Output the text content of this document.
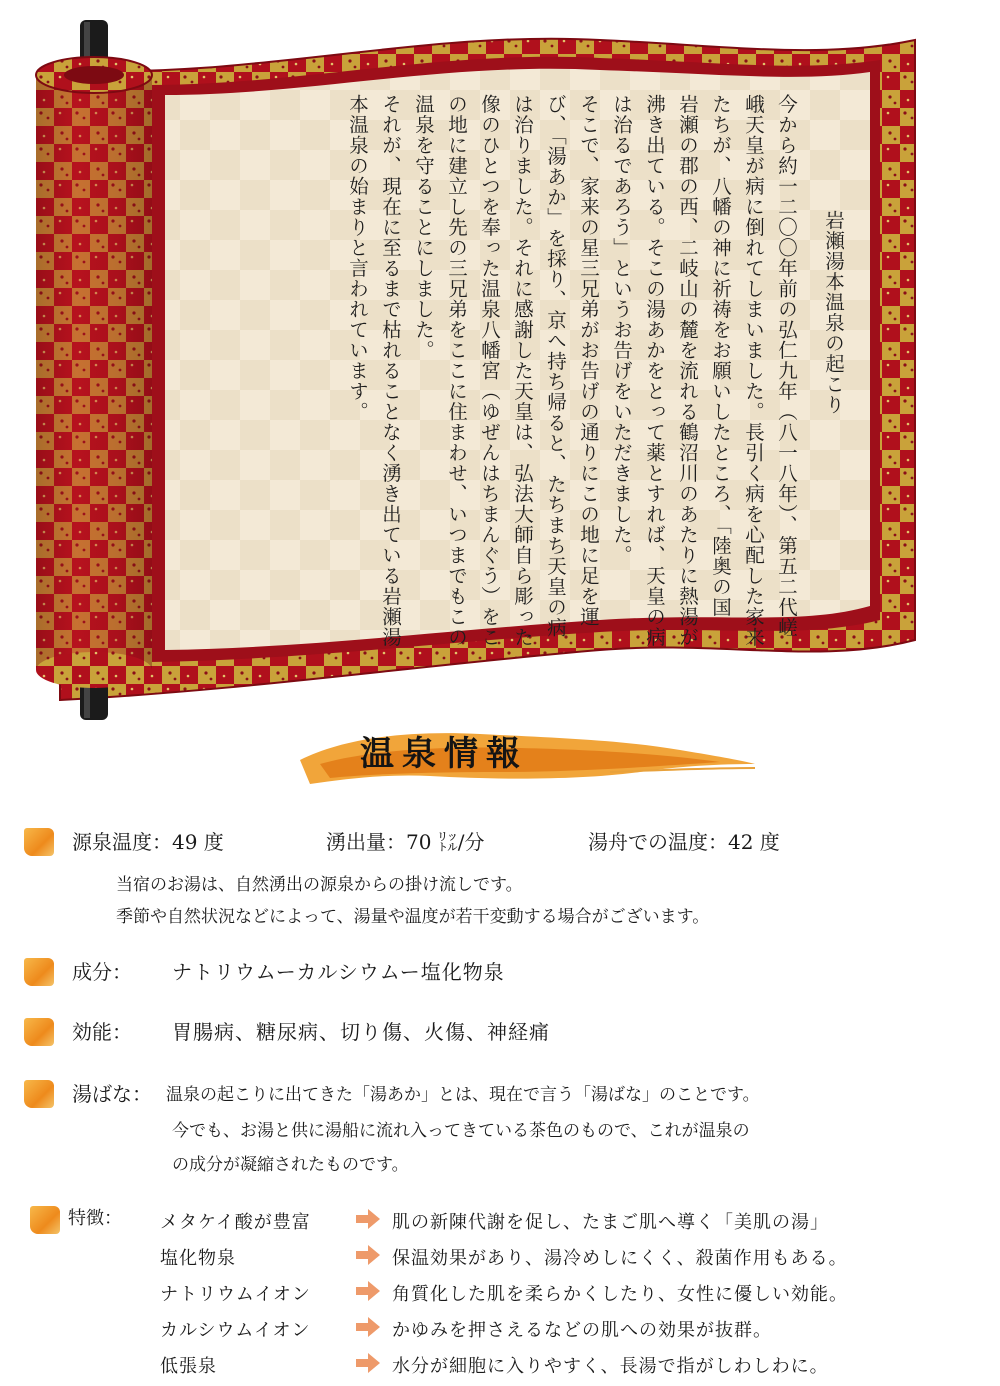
岩瀬湯本温泉の起こり
今から約一二〇〇年前の弘仁九年（八一八年）、第五二代嵯峨天皇が病に倒れてしまいました。長引く病を心配した家来たちが、八幡の神に祈祷をお願いしたところ、「陸奥の国　岩瀬の郡の西、二岐山の麓を流れる鶴沼川のあたりに熱湯が沸き出ている。そこの湯あかをとって薬とすれば、天皇の病は治るであろう」というお告げをいただきました。
そこで、家来の星三兄弟がお告げの通りにこの地に足を運び、「湯あか」を採り、京へ持ち帰ると、たちまち天皇の病は治りました。それに感謝した天皇は、弘法大師自ら彫った像のひとつを奉った温泉八幡宮（ゆぜんはちまんぐう）をこの地に建立し先の三兄弟をここに住まわせ、いつまでもこの温泉を守ることにしました。
それが、現在に至るまで枯れることなく湧き出ている岩瀬湯本温泉の始まりと言われています。
温泉情報
源泉温度：49 度	湧出量：70 ㍑/分	湯舟での温度：42 度
当宿のお湯は、自然湧出の源泉からの掛け流しです。
季節や自然状況などによって、湯量や温度が若干変動する場合がございます。
成分： ナトリウムーカルシウムー塩化物泉
効能： 胃腸病、糖尿病、切り傷、火傷、神経痛
湯ばな： 温泉の起こりに出てきた「湯あか」とは、現在で言う「湯ばな」のことです。
今でも、お湯と供に湯船に流れ入ってきている茶色のもので、これが温泉の
の成分が凝縮されたものです。
特徴： メタケイ酸が豊富	肌の新陳代謝を促し、たまご肌へ導く「美肌の湯」
塩化物泉	保温効果があり、湯冷めしにくく、殺菌作用もある。
ナトリウムイオン	角質化した肌を柔らかくしたり、女性に優しい効能。
カルシウムイオン	かゆみを押さえるなどの肌への効果が抜群。
低張泉	水分が細胞に入りやすく、長湯で指がしわしわに。
